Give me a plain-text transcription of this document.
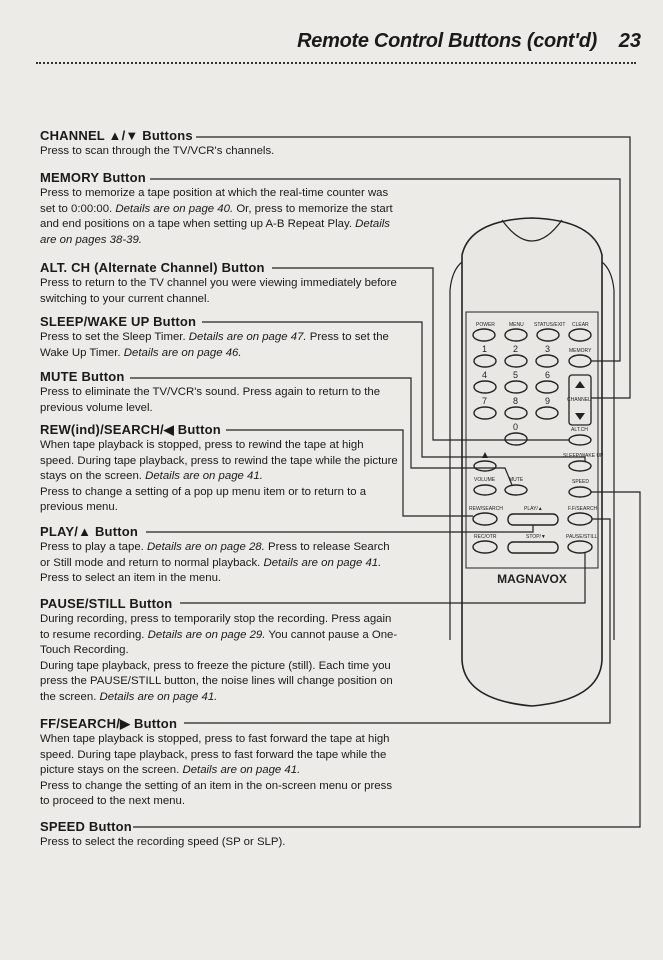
Remote Control Buttons (cont'd) 23
CHANNEL ▲/▼ Buttons
Press to scan through the TV/VCR's channels.
MEMORY Button
Press to memorize a tape position at which the real-time counter was set to 0:00:00. Details are on page 40. Or, press to memorize the start and end positions on a tape when setting up A-B Repeat Play. Details are on pages 38-39.
ALT. CH (Alternate Channel) Button
Press to return to the TV channel you were viewing immediately before switching to your current channel.
SLEEP/WAKE UP Button
Press to set the Sleep Timer. Details are on page 47. Press to set the Wake Up Timer. Details are on page 46.
MUTE Button
Press to eliminate the TV/VCR's sound. Press again to return to the previous volume level.
REW(ind)/SEARCH/◀ Button
When tape playback is stopped, press to rewind the tape at high speed. During tape playback, press to rewind the tape while the picture stays on the screen. Details are on page 41.
Press to change a setting of a pop up menu item or to return to a previous menu.
PLAY/▲ Button
Press to play a tape. Details are on page 28. Press to release Search or Still mode and return to normal playback. Details are on page 41. Press to select an item in the menu.
PAUSE/STILL Button
During recording, press to temporarily stop the recording. Press again to resume recording. Details are on page 29. You cannot pause a One-Touch Recording.
During tape playback, press to freeze the picture (still). Each time you press the PAUSE/STILL button, the noise lines will change position on the screen. Details are on page 41.
FF/SEARCH/▶ Button
When tape playback is stopped, press to fast forward the tape at high speed. During tape playback, press to fast forward the tape while the picture stays on the screen. Details are on page 41.
Press to change the setting of an item in the on-screen menu or press to proceed to the next menu.
SPEED Button
Press to select the recording speed (SP or SLP).
POWER	MENU STATUS/EXIT CLEAR
1	2	3	MEMORY
4	5	6
7	8	9
0
CHANNEL
ALT.CH
SLEEP/WAKE UP
VOLUME	MUTE	SPEED
REW/SEARCH	PLAY/▲	F.F/SEARCH
REC/OTR	STOP/▼	PAUSE/STILL
MAGNAVOX
